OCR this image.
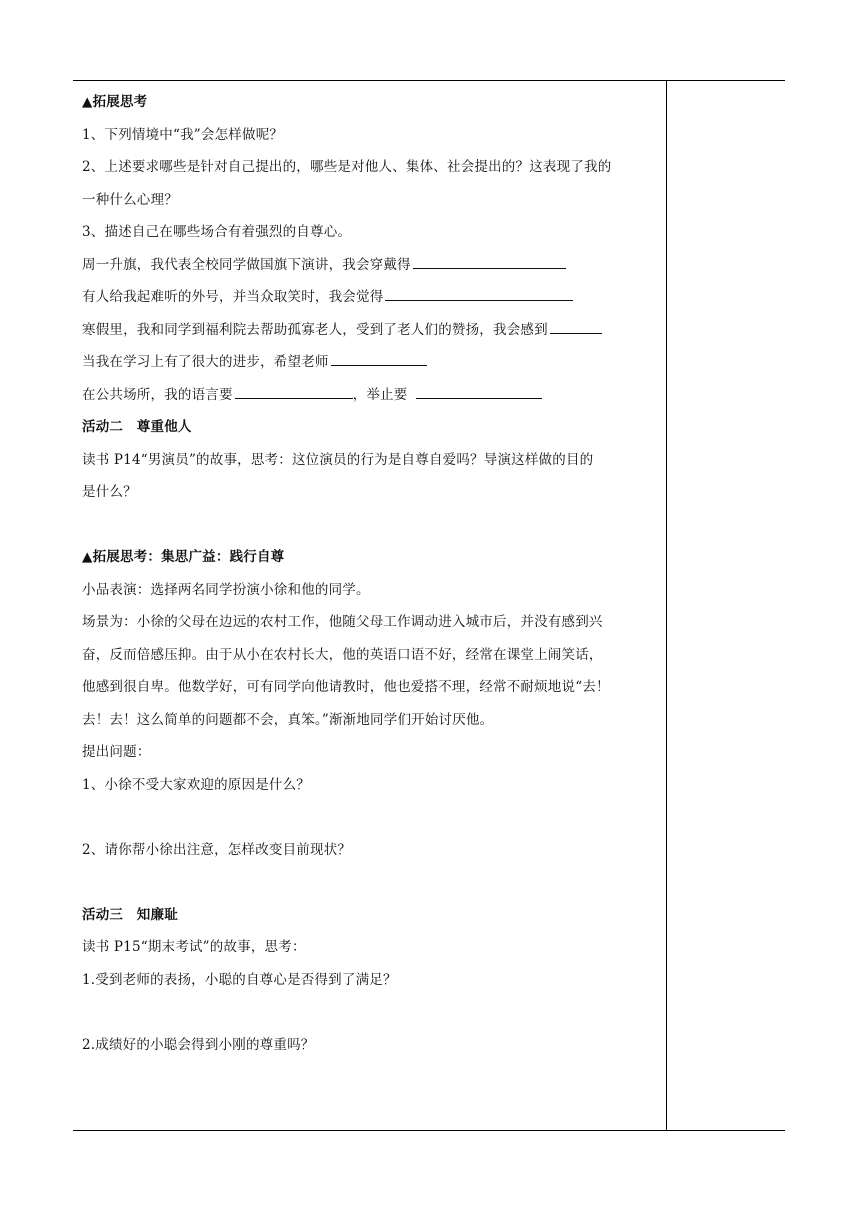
▲拓展思考
1、下列情境中“我”会怎样做呢？
2、上述要求哪些是针对自己提出的，哪些是对他人、集体、社会提出的？这表现了我的
一种什么心理？
3、描述自己在哪些场合有着强烈的自尊心。
周一升旗，我代表全校同学做国旗下演讲，我会穿戴得
有人给我起难听的外号，并当众取笑时，我会觉得
寒假里，我和同学到福利院去帮助孤寡老人，受到了老人们的赞扬，我会感到
当我在学习上有了很大的进步，希望老师
在公共场所，我的语言要	，举止要
活动二　尊重他人
读书 P14“男演员”的故事，思考：这位演员的行为是自尊自爱吗？导演这样做的目的
是什么？
▲拓展思考：集思广益：践行自尊
小品表演：选择两名同学扮演小徐和他的同学。
场景为：小徐的父母在边远的农村工作，他随父母工作调动进入城市后，并没有感到兴
奋，反而倍感压抑。由于从小在农村长大，他的英语口语不好，经常在课堂上闹笑话，
他感到很自卑。他数学好，可有同学向他请教时，他也爱搭不理，经常不耐烦地说“去！
去！去！这么简单的问题都不会，真笨。”渐渐地同学们开始讨厌他。
提出问题：
1、小徐不受大家欢迎的原因是什么？
2、请你帮小徐出注意，怎样改变目前现状？
活动三　知廉耻
读书 P15“期末考试”的故事，思考：
1.受到老师的表扬，小聪的自尊心是否得到了满足？
2.成绩好的小聪会得到小刚的尊重吗？
